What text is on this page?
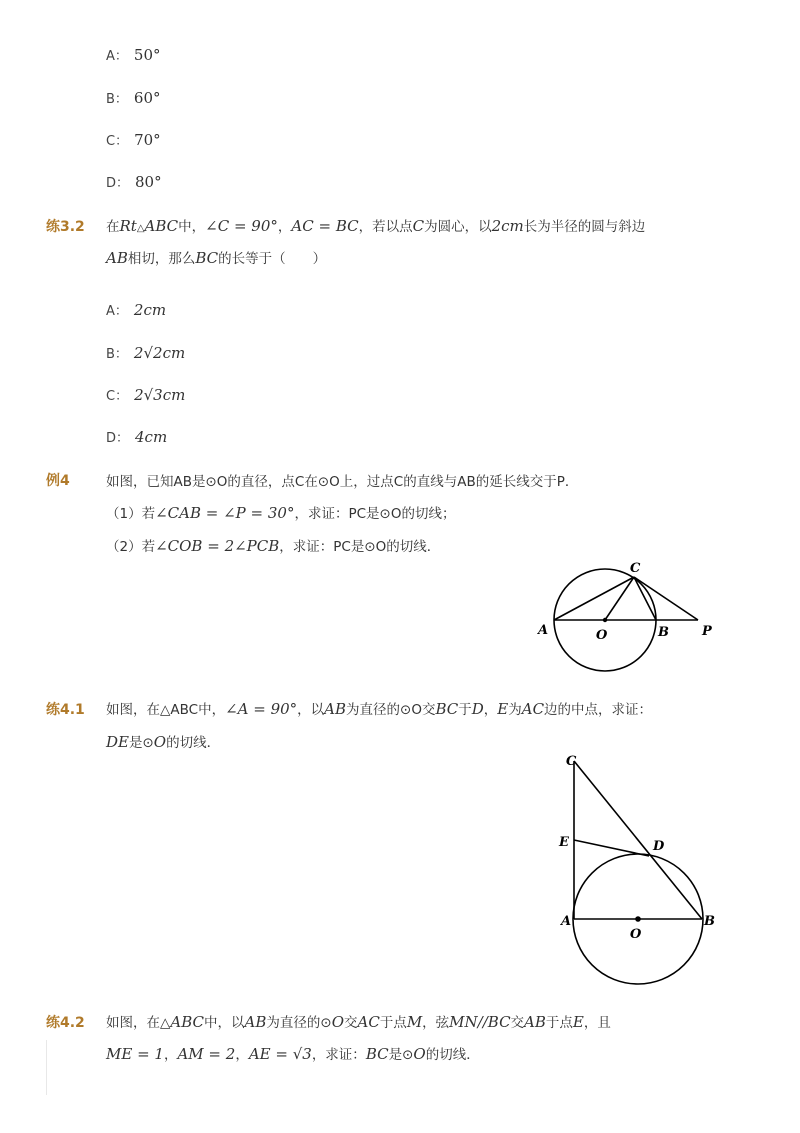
A： 50°
B： 60°
C： 70°
D： 80°
练3.2 在Rt△ABC中，∠C = 90°，AC = BC，若以点C为圆心，以2cm长为半径的圆与斜边
AB相切，那么BC的长等于（　　）
A： 2cm
B： 2√2cm
C： 2√3cm
D： 4cm
例4	如图，已知AB是⊙O的直径，点C在⊙O上，过点C的直线与AB的延长线交于P．
（1）若∠CAB = ∠P = 30°，求证：PC是⊙O的切线；
（2）若∠COB = 2∠PCB，求证：PC是⊙O的切线．
A	O	B	P
C
练4.1 如图，在△ABC中，∠A = 90°，以AB为直径的⊙O交BC于D，E为AC边的中点，求证：
DE是⊙O的切线．
C
E	D
A
O
B
练4.2 如图，在△ABC中，以AB为直径的⊙O交AC于点M，弦MN//BC交AB于点E，且
ME = 1，AM = 2，AE = √3，求证：BC是⊙O的切线．
